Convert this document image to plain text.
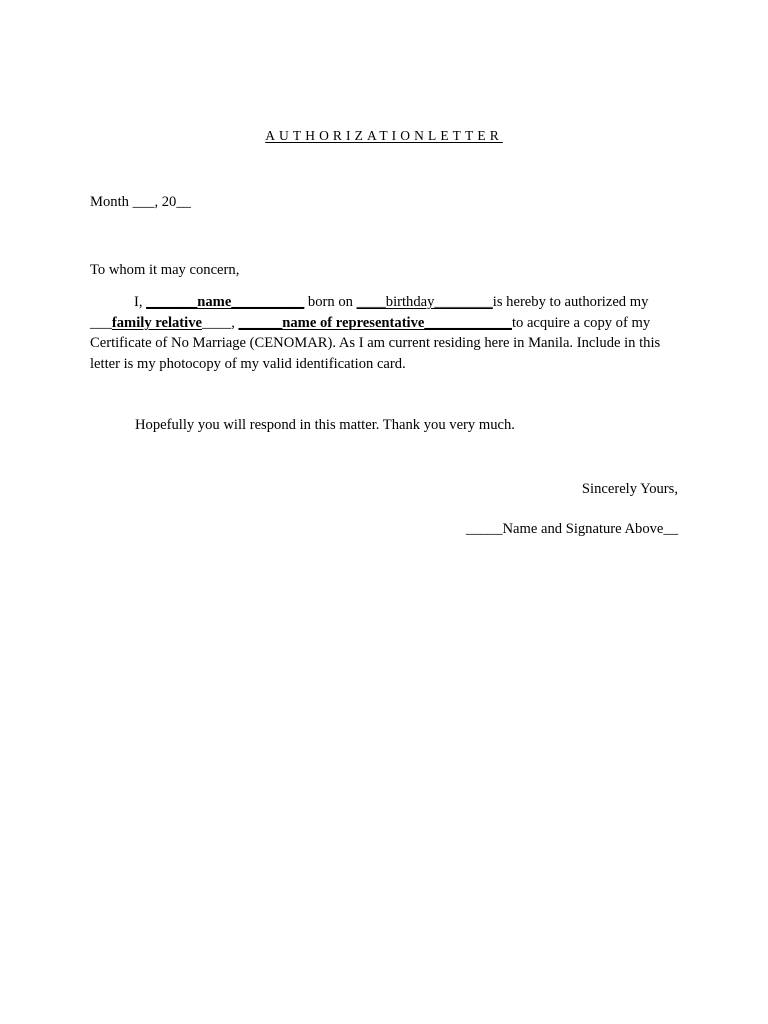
AUTHORIZATIONLETTER
Month ___, 20__
To whom it may concern,
I, _______name__________ born on ____birthday________is hereby to authorized my ___family relative____, ______name of representative____________to acquire a copy of my Certificate of No Marriage (CENOMAR). As I am current residing here in Manila. Include in this letter is my photocopy of my valid identification card.
Hopefully you will respond in this matter. Thank you very much.
Sincerely Yours,
_____Name and Signature Above__
